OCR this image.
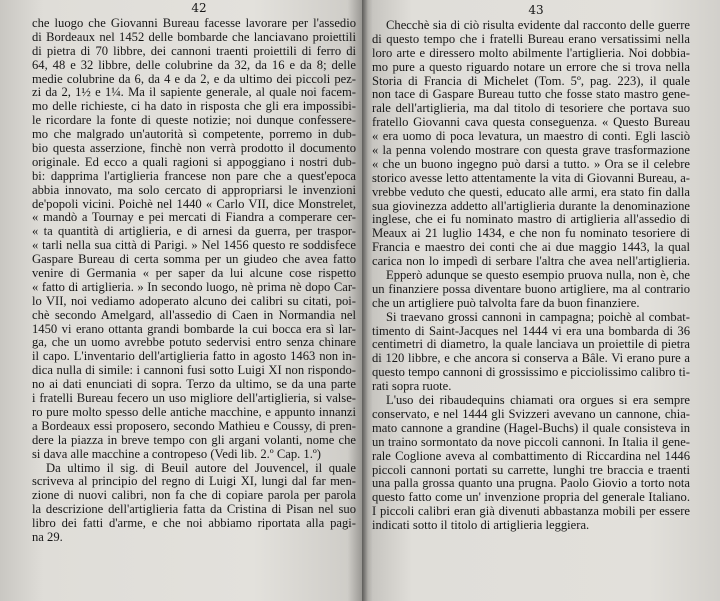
42
che luogo che Giovanni Bureau facesse lavorare per l'assedio
di Bordeaux nel 1452 delle bombarde che lanciavano proiettili
di pietra di 70 libbre, dei cannoni traenti proiettili di ferro di
64, 48 e 32 libbre, delle colubrine da 32, da 16 e da 8; delle
medie colubrine da 6, da 4 e da 2, e da ultimo dei piccoli pez-
zi da 2, 1½ e 1¼. Ma il sapiente generale, al quale noi facem-
mo delle richieste, ci ha dato in risposta che gli era impossibi-
le ricordare la fonte di queste notizie; noi dunque confessere-
mo che malgrado un'autorità sì competente, porremo in dub-
bio questa asserzione, finchè non verrà prodotto il documento
originale. Ed ecco a quali ragioni si appoggiano i nostri dub-
bi: dapprima l'artiglieria francese non pare che a quest'epoca
abbia innovato, ma solo cercato di appropriarsi le invenzioni
de'popoli vicini. Poichè nel 1440 « Carlo VII, dice Monstrelet,
« mandò a Tournay e pei mercati di Fiandra a comperare cer-
« ta quantità di artiglieria, e di arnesi da guerra, per traspor-
« tarli nella sua città di Parigi. » Nel 1456 questo re soddisfece
Gaspare Bureau di certa somma per un giudeo che avea fatto
venire di Germania « per saper da lui alcune cose rispetto
« fatto di artiglieria. » In secondo luogo, nè prima nè dopo Car-
lo VII, noi vediamo adoperato alcuno dei calibri su citati, poi-
chè secondo Amelgard, all'assedio di Caen in Normandia nel
1450 vi erano ottanta grandi bombarde la cui bocca era sì lar-
ga, che un uomo avrebbe potuto sedervisi entro senza chinare
il capo. L'inventario dell'artiglieria fatto in agosto 1463 non in-
dica nulla di simile: i cannoni fusi sotto Luigi XI non rispondo-
no ai dati enunciati di sopra. Terzo da ultimo, se da una parte
i fratelli Bureau fecero un uso migliore dell'artiglieria, si valse-
ro pure molto spesso delle antiche macchine, e appunto innanzi
a Bordeaux essi proposero, secondo Mathieu e Coussy, di pren-
dere la piazza in breve tempo con gli argani volanti, nome che
si dava alle macchine a contropeso (Vedi lib. 2.º Cap. 1.º)
Da ultimo il sig. di Beuil autore del Jouvencel, il quale
scriveva al principio del regno di Luigi XI, lungi dal far men-
zione di nuovi calibri, non fa che di copiare parola per parola
la descrizione dell'artiglieria fatta da Cristina di Pisan nel suo
libro dei fatti d'arme, e che noi abbiamo riportata alla pagi-
na 29.
43
Checchè sia di ciò risulta evidente dal racconto delle guerre
di questo tempo che i fratelli Bureau erano versatissimi nella
loro arte e diressero molto abilmente l'artiglieria. Noi dobbia-
mo pure a questo riguardo notare un errore che si trova nella
Storia di Francia di Michelet (Tom. 5º, pag. 223), il quale
non tace di Gaspare Bureau tutto che fosse stato mastro gene-
rale dell'artiglieria, ma dal titolo di tesoriere che portava suo
fratello Giovanni cava questa conseguenza. « Questo Bureau
« era uomo di poca levatura, un maestro di conti. Egli lasciò
« la penna volendo mostrare con questa grave trasformazione
« che un buono ingegno può darsi a tutto. » Ora se il celebre
storico avesse letto attentamente la vita di Giovanni Bureau, a-
vrebbe veduto che questi, educato alle armi, era stato fin dalla
sua giovinezza addetto all'artiglieria durante la denominazione
inglese, che ei fu nominato mastro di artiglieria all'assedio di
Meaux ai 21 luglio 1434, e che non fu nominato tesoriere di
Francia e maestro dei conti che ai due maggio 1443, la qual
carica non lo impedì di serbare l'altra che avea nell'artiglieria.
Epperò adunque se questo esempio pruova nulla, non è, che
un finanziere possa diventare buono artigliere, ma al contrario
che un artigliere può talvolta fare da buon finanziere.
Si traevano grossi cannoni in campagna; poichè al combat-
timento di Saint-Jacques nel 1444 vi era una bombarda di 36
centimetri di diametro, la quale lanciava un proiettile di pietra
di 120 libbre, e che ancora si conserva a Bâle. Vi erano pure a
questo tempo cannoni di grossissimo e picciolissimo calibro ti-
rati sopra ruote.
L'uso dei ribaudequins chiamati ora orgues si era sempre
conservato, e nel 1444 gli Svizzeri avevano un cannone, chia-
mato cannone a grandine (Hagel-Buchs) il quale consisteva in
un traino sormontato da nove piccoli cannoni. In Italia il gene-
rale Coglione aveva al combattimento di Riccardina nel 1446
piccoli cannoni portati su carrette, lunghi tre braccia e traenti
una palla grossa quanto una prugna. Paolo Giovio a torto nota
questo fatto come un' invenzione propria del generale Italiano.
I piccoli calibri eran già divenuti abbastanza mobili per essere
indicati sotto il titolo di artiglieria leggiera.
